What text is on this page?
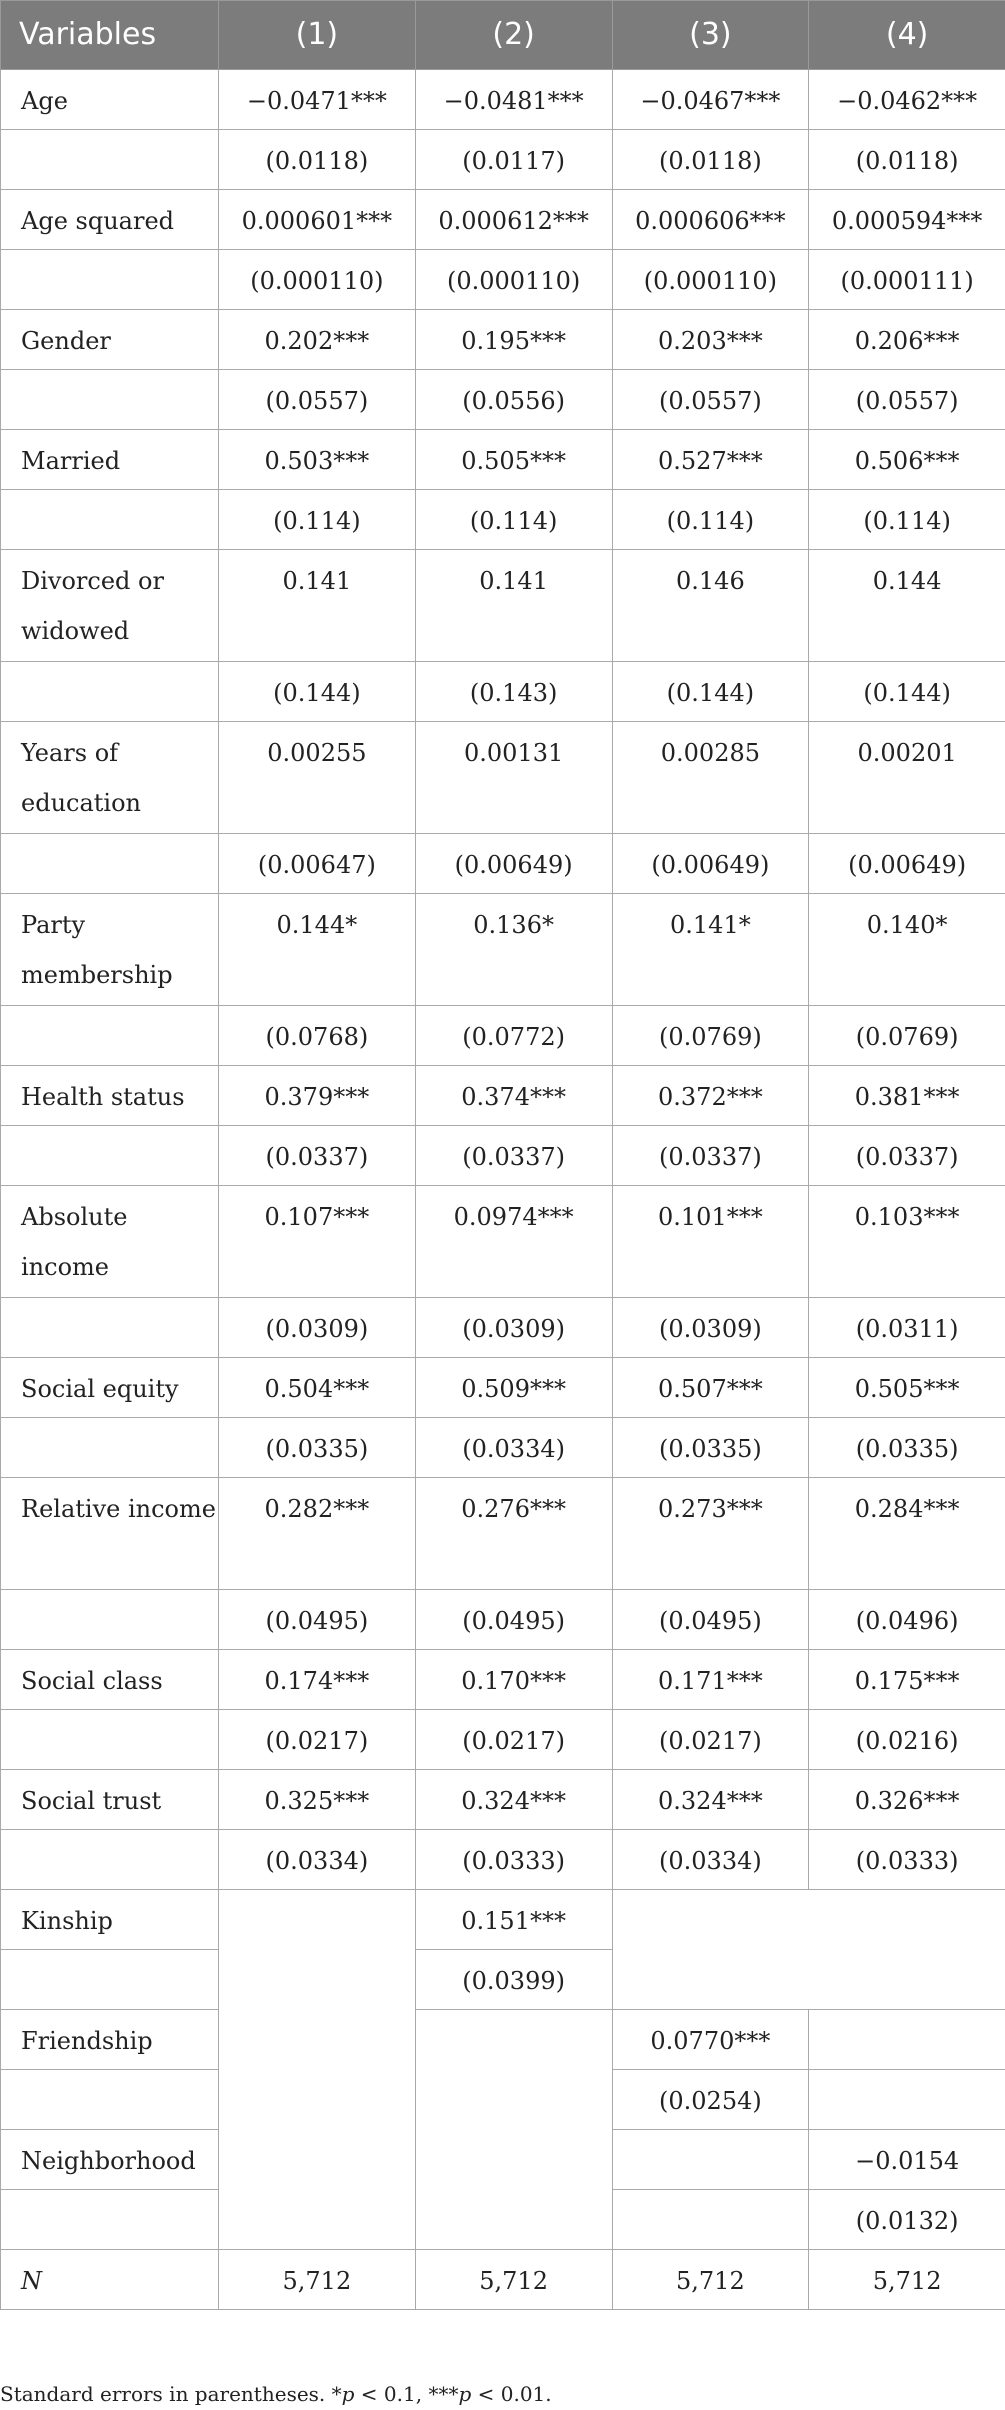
Variables	(1)	(2)	(3)	(4)
Age	−0.0471***	−0.0481***	−0.0467***	−0.0462***
	(0.0118)	(0.0117)	(0.0118)	(0.0118)
Age squared	0.000601***	0.000612***	0.000606***	0.000594***
	(0.000110)	(0.000110)	(0.000110)	(0.000111)
Gender	0.202***	0.195***	0.203***	0.206***
	(0.0557)	(0.0556)	(0.0557)	(0.0557)
Married	0.503***	0.505***	0.527***	0.506***
	(0.114)	(0.114)	(0.114)	(0.114)
Divorced or widowed	0.141	0.141	0.146	0.144
	(0.144)	(0.143)	(0.144)	(0.144)
Years of education	0.00255	0.00131	0.00285	0.00201
	(0.00647)	(0.00649)	(0.00649)	(0.00649)
Party membership	0.144*	0.136*	0.141*	0.140*
	(0.0768)	(0.0772)	(0.0769)	(0.0769)
Health status	0.379***	0.374***	0.372***	0.381***
	(0.0337)	(0.0337)	(0.0337)	(0.0337)
Absolute income	0.107***	0.0974***	0.101***	0.103***
	(0.0309)	(0.0309)	(0.0309)	(0.0311)
Social equity	0.504***	0.509***	0.507***	0.505***
	(0.0335)	(0.0334)	(0.0335)	(0.0335)
Relative income	0.282***	0.276***	0.273***	0.284***
	(0.0495)	(0.0495)	(0.0495)	(0.0496)
Social class	0.174***	0.170***	0.171***	0.175***
	(0.0217)	(0.0217)	(0.0217)	(0.0216)
Social trust	0.325***	0.324***	0.324***	0.326***
	(0.0334)	(0.0333)	(0.0334)	(0.0333)
Kinship		0.151***		
		(0.0399)		
Friendship			0.0770***	
			(0.0254)	
Neighborhood				−0.0154
				(0.0132)
N	5,712	5,712	5,712	5,712
Standard errors in parentheses. *p < 0.1, ***p < 0.01.
